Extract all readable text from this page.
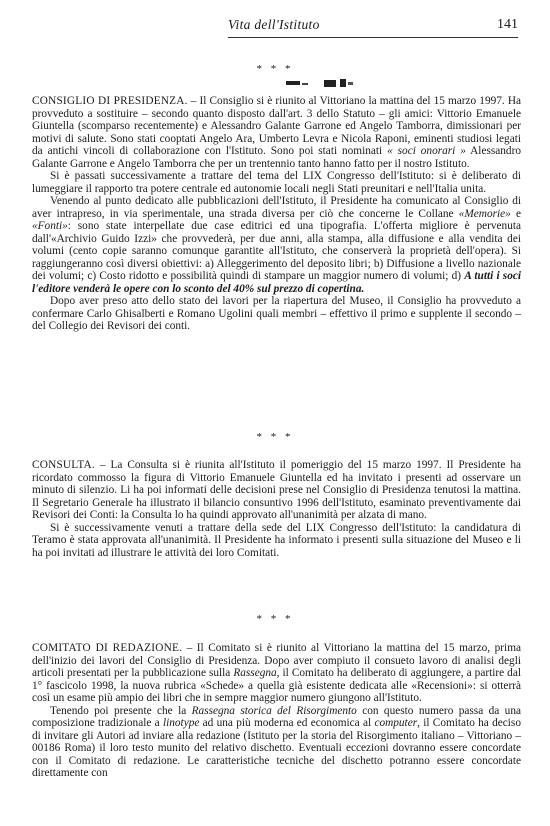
Vita dell'Istituto	141
* * *

CONSIGLIO DI PRESIDENZA. – Il Consiglio si è riunito al Vittoriano la mattina del 15 marzo 1997. Ha provveduto a sostituire – secondo quanto disposto dall'art. 3 dello Statuto – gli amici: Vittorio Emanuele Giuntella (scomparso recentemente) e Alessandro Galante Garrone ed Angelo Tamborra, dimissionari per motivi di salute. Sono stati cooptati Angelo Ara, Umberto Levra e Nicola Raponi, eminenti studiosi legati da antichi vincoli di collaborazione con l'Istituto. Sono poi stati nominati « soci onorari » Alessandro Galante Garrone e Angelo Tamborra che per un trentennio tanto hanno fatto per il nostro Istituto.

Si è passati successivamente a trattare del tema del LIX Congresso dell'Istituto: si è deliberato di lumeggiare il rapporto tra potere centrale ed autonomie locali negli Stati preunitari e nell'Italia unita.

Venendo al punto dedicato alle pubblicazioni dell'Istituto, il Presidente ha comunicato al Consiglio di aver intrapreso, in via sperimentale, una strada diversa per ciò che concerne le Collane «Memorie» e «Fonti»: sono state interpellate due case editrici ed una tipografia. L'offerta migliore è pervenuta dall'«Archivio Guido Izzi» che provvederà, per due anni, alla stampa, alla diffusione e alla vendita dei volumi (cento copie saranno comunque garantite all'Istituto, che conserverà la proprietà dell'opera). Si raggiungeranno così diversi obiettivi: a) Alleggerimento del deposito libri; b) Diffusione a livello nazionale dei volumi; c) Costo ridotto e possibilità quindi di stampare un maggior numero di volumi; d) A tutti i soci l'editore venderà le opere con lo sconto del 40% sul prezzo di copertina.

Dopo aver preso atto dello stato dei lavori per la riapertura del Museo, il Consiglio ha provveduto a confermare Carlo Ghisalberti e Romano Ugolini quali membri – effettivo il primo e supplente il secondo – del Collegio dei Revisori dei conti.

* * *

CONSULTA. – La Consulta si è riunita all'Istituto il pomeriggio del 15 marzo 1997. Il Presidente ha ricordato commosso la figura di Vittorio Emanuele Giuntella ed ha invitato i presenti ad osservare un minuto di silenzio. Li ha poi informati delle decisioni prese nel Consiglio di Presidenza tenutosi la mattina. Il Segretario Generale ha illustrato il bilancio consuntivo 1996 dell'Istituto, esaminato preventivamente dai Revisori dei Conti: la Consulta lo ha quindi approvato all'unanimità per alzata di mano.

Si è successivamente venuti a trattare della sede del LIX Congresso dell'Istituto: la candidatura di Teramo è stata approvata all'unanimità. Il Presidente ha informato i presenti sulla situazione del Museo e li ha poi invitati ad illustrare le attività dei loro Comitati.

* * *

COMITATO DI REDAZIONE. – Il Comitato si è riunito al Vittoriano la mattina del 15 marzo, prima dell'inizio dei lavori del Consiglio di Presidenza. Dopo aver compiuto il consueto lavoro di analisi degli articoli presentati per la pubblicazione sulla Rassegna, il Comitato ha deliberato di aggiungere, a partire dal 1° fascicolo 1998, la nuova rubrica «Schede» a quella già esistente dedicata alle «Recensioni»: si otterrà così un esame più ampio dei libri che in sempre maggior numero giungono all'Istituto.

Tenendo poi presente che la Rassegna storica del Risorgimento con questo numero passa da una composizione tradizionale a linotype ad una più moderna ed economica al computer, il Comitato ha deciso di invitare gli Autori ad inviare alla redazione (Istituto per la storia del Risorgimento italiano – Vittoriano – 00186 Roma) il loro testo munito del relativo dischetto. Eventuali eccezioni dovranno essere concordate con il Comitato di redazione. Le caratteristiche tecniche del dischetto potranno essere concordate direttamente con
